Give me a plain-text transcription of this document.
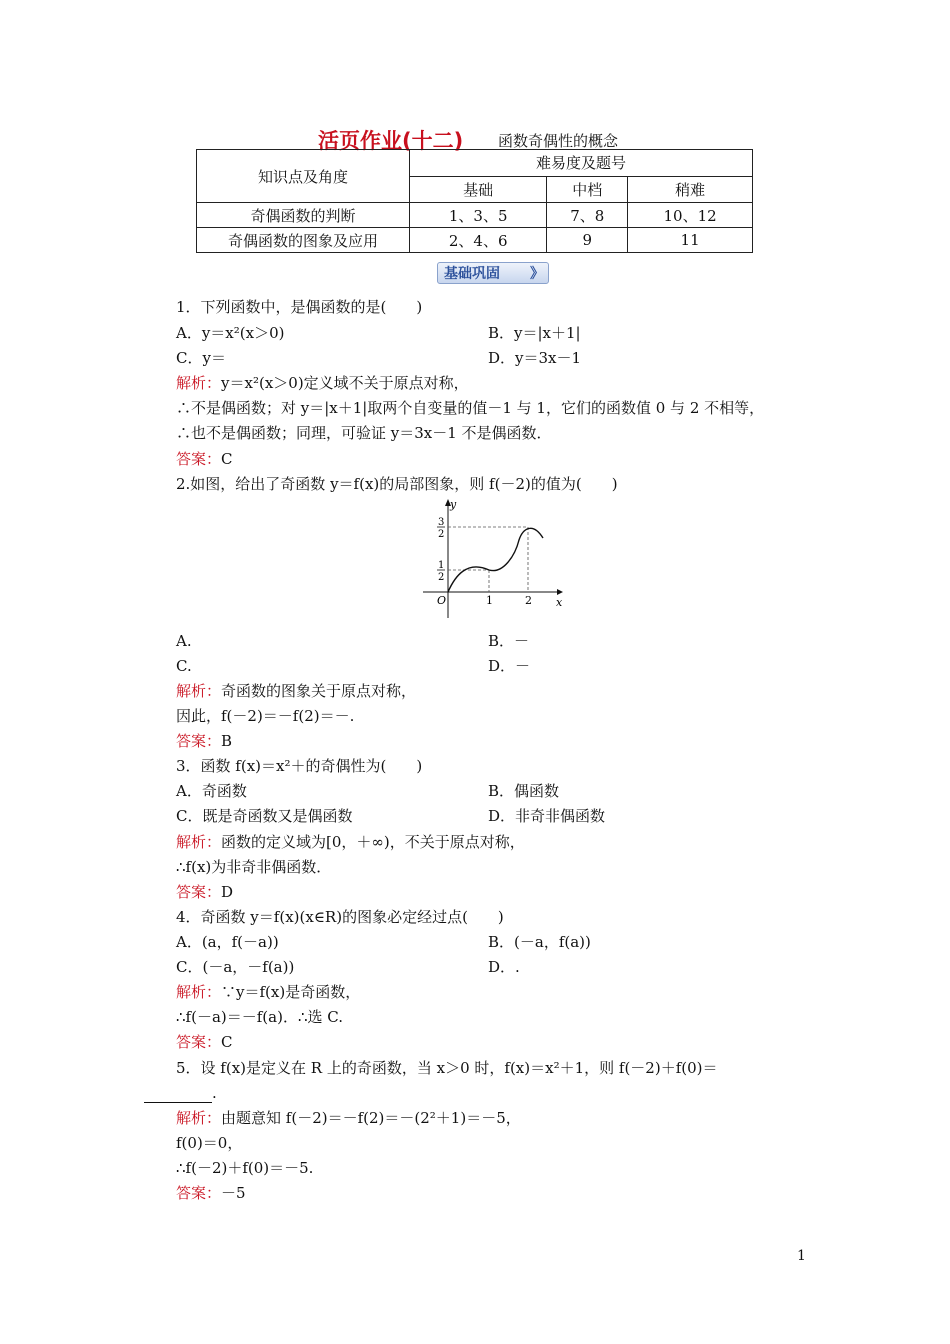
活页作业(十二) 函数奇偶性的概念
知识点及角度	难易度及题号		
	基础	中档	稍难
奇偶函数的判断	1、3、5	7、8	10、12
奇偶函数的图象及应用	2、4、6	9	11
基础巩固 》
1．下列函数中，是偶函数的是(　　)
A．y＝x²(x＞0)	B．y＝|x＋1|
C．y＝	D．y＝3x－1
解析：y＝x²(x＞0)定义域不关于原点对称，
∴不是偶函数；对 y＝|x＋1|取两个自变量的值－1 与 1，它们的函数值 0 与 2 不相等，
∴也不是偶函数；同理，可验证 y＝3x－1 不是偶函数．
答案：C
2.如图，给出了奇函数 y＝f(x)的局部图象，则 f(－2)的值为(　　)
y
x
O	1	2
3
2
1
2
A.	B．－
C.	D．－
解析：奇函数的图象关于原点对称，
因此，f(－2)＝－f(2)＝－.
答案：B
3．函数 f(x)＝x²＋的奇偶性为(　　)
A．奇函数	B．偶函数
C．既是奇函数又是偶函数	D．非奇非偶函数
解析：函数的定义域为[0，＋∞)，不关于原点对称，
∴f(x)为非奇非偶函数．
答案：D
4．奇函数 y＝f(x)(x∈R)的图象必定经过点(　　)
A．(a，f(－a))	B．(－a，f(a))
C．(－a，－f(a))	D．.
解析：∵y＝f(x)是奇函数，
∴f(－a)＝－f(a)．∴选 C.
答案：C
5．设 f(x)是定义在 R 上的奇函数，当 x＞0 时，f(x)＝x²＋1，则 f(－2)＋f(0)＝
.
解析：由题意知 f(－2)＝－f(2)＝－(2²＋1)＝－5，
f(0)＝0，
∴f(－2)＋f(0)＝－5.
答案：－5
1
